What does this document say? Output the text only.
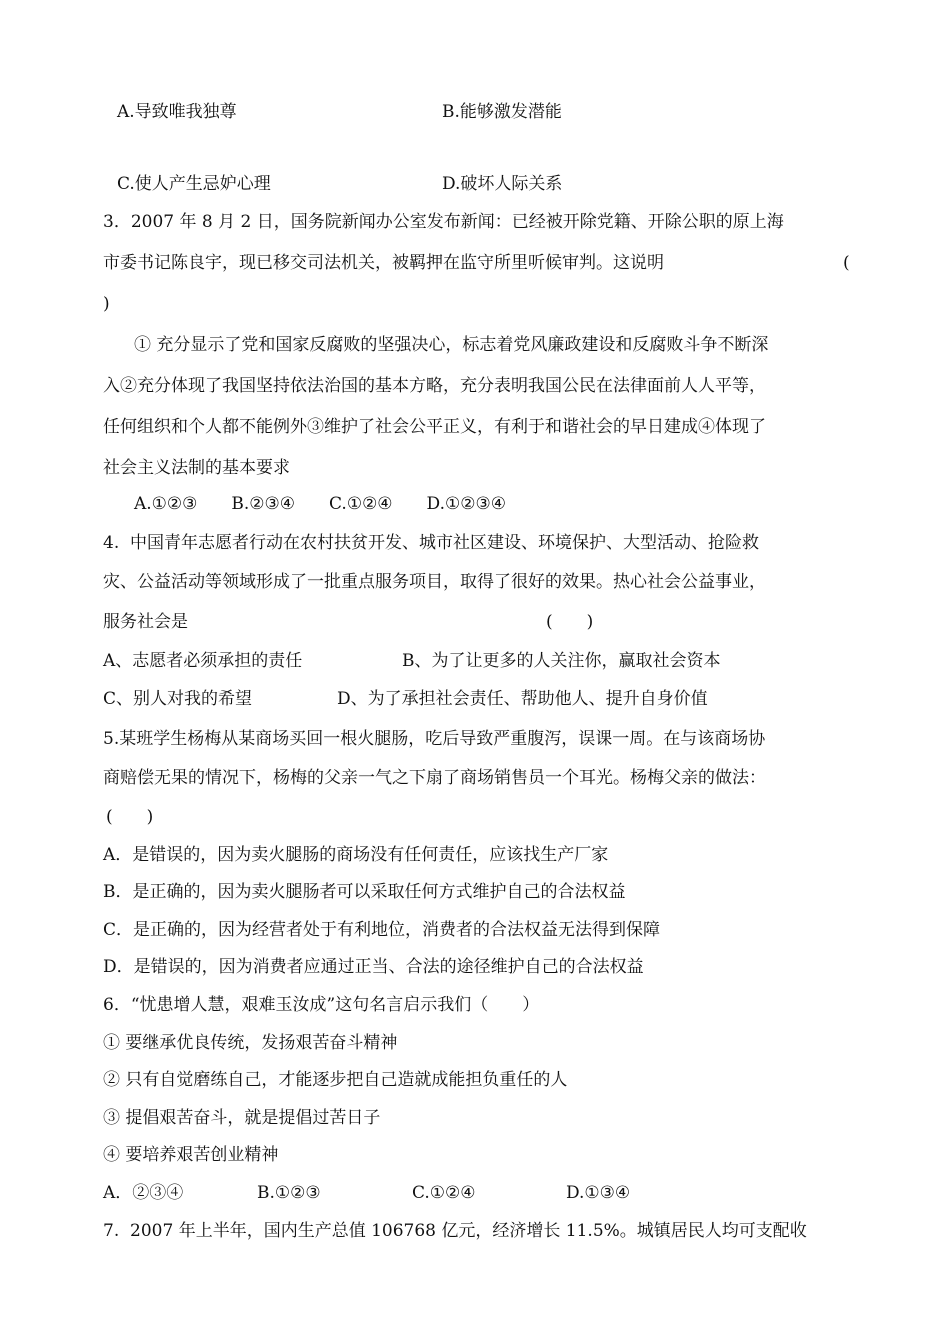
A.导致唯我独尊	B.能够激发潜能
C.使人产生忌妒心理	D.破坏人际关系
3．2007 年 8 月 2 日，国务院新闻办公室发布新闻：已经被开除党籍、开除公职的原上海
市委书记陈良宇，现已移交司法机关，被羁押在监守所里听候审判。这说明	(
)
① 充分显示了党和国家反腐败的坚强决心，标志着党风廉政建设和反腐败斗争不断深
入②充分体现了我国坚持依法治国的基本方略，充分表明我国公民在法律面前人人平等，
任何组织和个人都不能例外③维护了社会公平正义，有利于和谐社会的早日建成④体现了
社会主义法制的基本要求
A.①②③　　B.②③④　　C.①②④　　D.①②③④
4.  中国青年志愿者行动在农村扶贫开发、城市社区建设、环境保护、大型活动、抢险救
灾、公益活动等领域形成了一批重点服务项目，取得了很好的效果。热心社会公益事业，
服务社会是	(　　)
A、志愿者必须承担的责任	B、为了让更多的人关注你，赢取社会资本
C、别人对我的希望	D、为了承担社会责任、帮助他人、提升自身价值
5.某班学生杨梅从某商场买回一根火腿肠，吃后导致严重腹泻，误课一周。在与该商场协
商赔偿无果的情况下，杨梅的父亲一气之下扇了商场销售员一个耳光。杨梅父亲的做法：
(　　)
A．是错误的，因为卖火腿肠的商场没有任何责任，应该找生产厂家
B．是正确的，因为卖火腿肠者可以采取任何方式维护自己的合法权益
C．是正确的，因为经营者处于有利地位，消费者的合法权益无法得到保障
D．是错误的，因为消费者应通过正当、合法的途径维护自己的合法权益
6．“忧患增人慧，艰难玉汝成”这句名言启示我们（　　）
① 要继承优良传统，发扬艰苦奋斗精神
② 只有自觉磨练自己，才能逐步把自己造就成能担负重任的人
③ 提倡艰苦奋斗，就是提倡过苦日子
④ 要培养艰苦创业精神
A．②③④	B.①②③	C.①②④	D.①③④
7.  2007 年上半年，国内生产总值 106768 亿元，经济增长 11.5%。城镇居民人均可支配收
